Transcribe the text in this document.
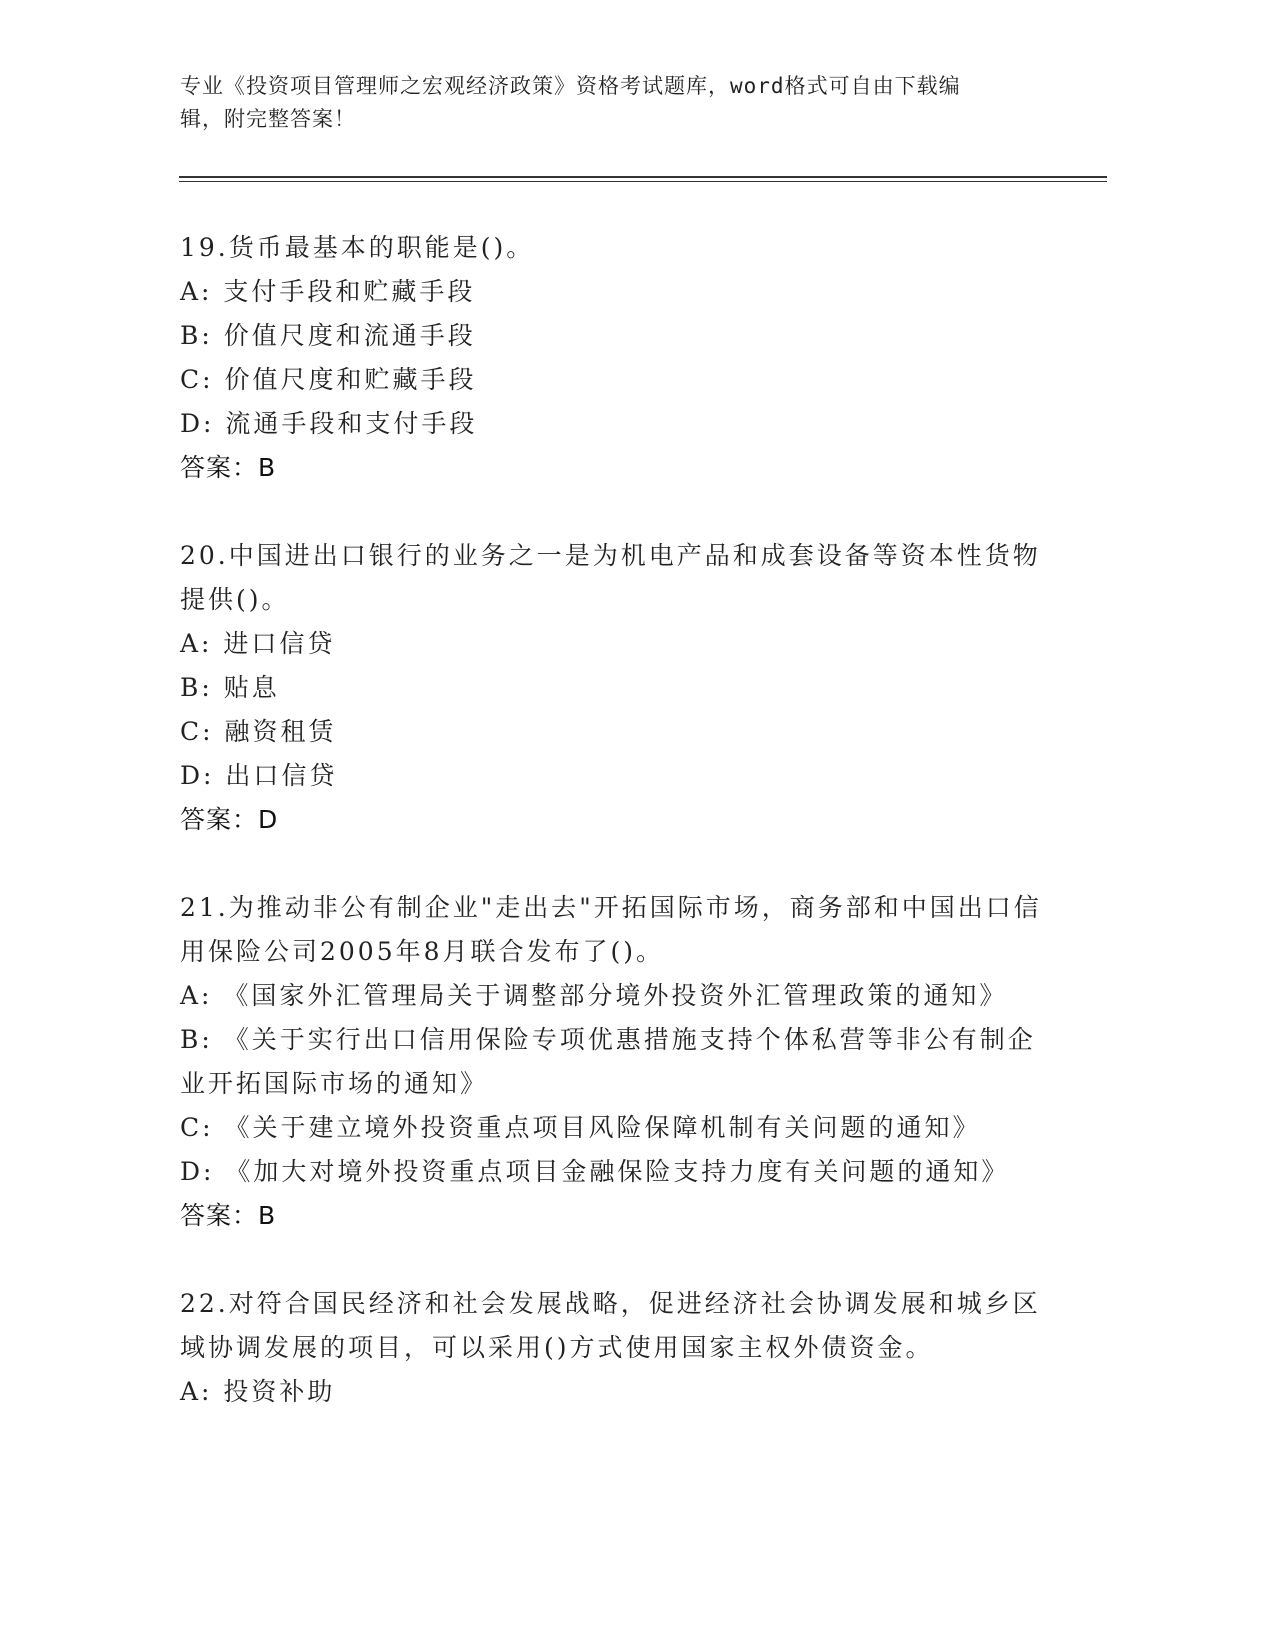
专业《投资项目管理师之宏观经济政策》资格考试题库，word格式可自由下载编
辑，附完整答案！
19.货币最基本的职能是()。
A: 支付手段和贮藏手段
B: 价值尺度和流通手段
C: 价值尺度和贮藏手段
D: 流通手段和支付手段
答案：B
20.中国进出口银行的业务之一是为机电产品和成套设备等资本性货物
提供()。
A: 进口信贷
B: 贴息
C: 融资租赁
D: 出口信贷
答案：D
21.为推动非公有制企业"走出去"开拓国际市场，商务部和中国出口信
用保险公司2005年8月联合发布了()。
A: 《国家外汇管理局关于调整部分境外投资外汇管理政策的通知》
B: 《关于实行出口信用保险专项优惠措施支持个体私营等非公有制企
业开拓国际市场的通知》
C: 《关于建立境外投资重点项目风险保障机制有关问题的通知》
D: 《加大对境外投资重点项目金融保险支持力度有关问题的通知》
答案：B
22.对符合国民经济和社会发展战略，促进经济社会协调发展和城乡区
域协调发展的项目，可以采用()方式使用国家主权外债资金。
A: 投资补助
